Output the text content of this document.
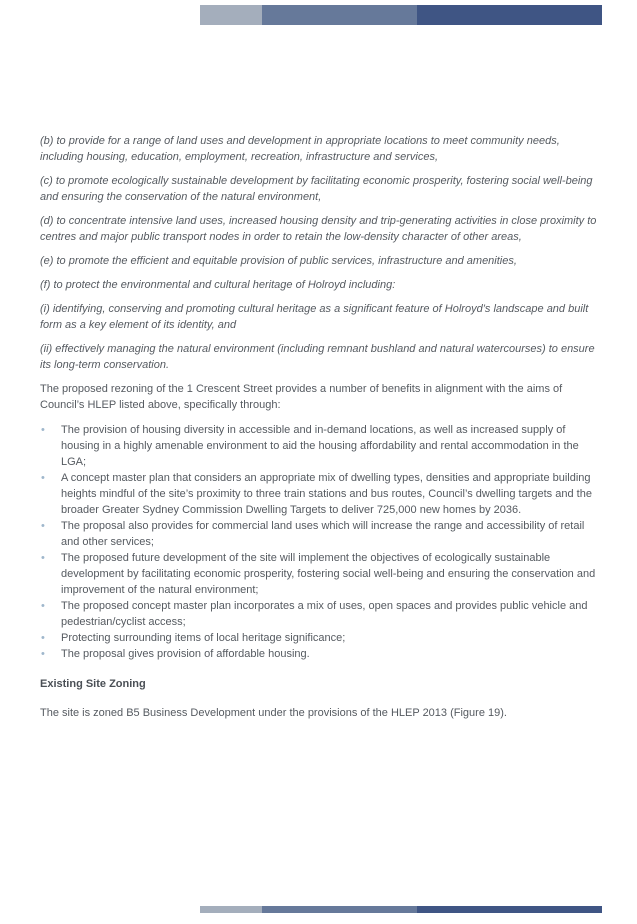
(b) to provide for a range of land uses and development in appropriate locations to meet community needs, including housing, education, employment, recreation, infrastructure and services,

(c) to promote ecologically sustainable development by facilitating economic prosperity, fostering social well-being and ensuring the conservation of the natural environment,

(d) to concentrate intensive land uses, increased housing density and trip-generating activities in close proximity to centres and major public transport nodes in order to retain the low-density character of other areas,

(e) to promote the efficient and equitable provision of public services, infrastructure and amenities,

(f) to protect the environmental and cultural heritage of Holroyd including:

(i) identifying, conserving and promoting cultural heritage as a significant feature of Holroyd’s landscape and built form as a key element of its identity, and

(ii) effectively managing the natural environment (including remnant bushland and natural watercourses) to ensure its long-term conservation.

The proposed rezoning of the 1 Crescent Street provides a number of benefits in alignment with the aims of Council’s HLEP listed above, specifically through:

• The provision of housing diversity in accessible and in-demand locations, as well as increased supply of housing in a highly amenable environment to aid the housing affordability and rental accommodation in the LGA;
• A concept master plan that considers an appropriate mix of dwelling types, densities and appropriate building heights mindful of the site’s proximity to three train stations and bus routes, Council’s dwelling targets and the broader Greater Sydney Commission Dwelling Targets to deliver 725,000 new homes by 2036.
• The proposal also provides for commercial land uses which will increase the range and accessibility of retail and other services;
• The proposed future development of the site will implement the objectives of ecologically sustainable development by facilitating economic prosperity, fostering social well-being and ensuring the conservation and improvement of the natural environment;
• The proposed concept master plan incorporates a mix of uses, open spaces and provides public vehicle and pedestrian/cyclist access;
• Protecting surrounding items of local heritage significance;
• The proposal gives provision of affordable housing.
Existing Site Zoning

The site is zoned B5 Business Development under the provisions of the HLEP 2013 (Figure 19).
